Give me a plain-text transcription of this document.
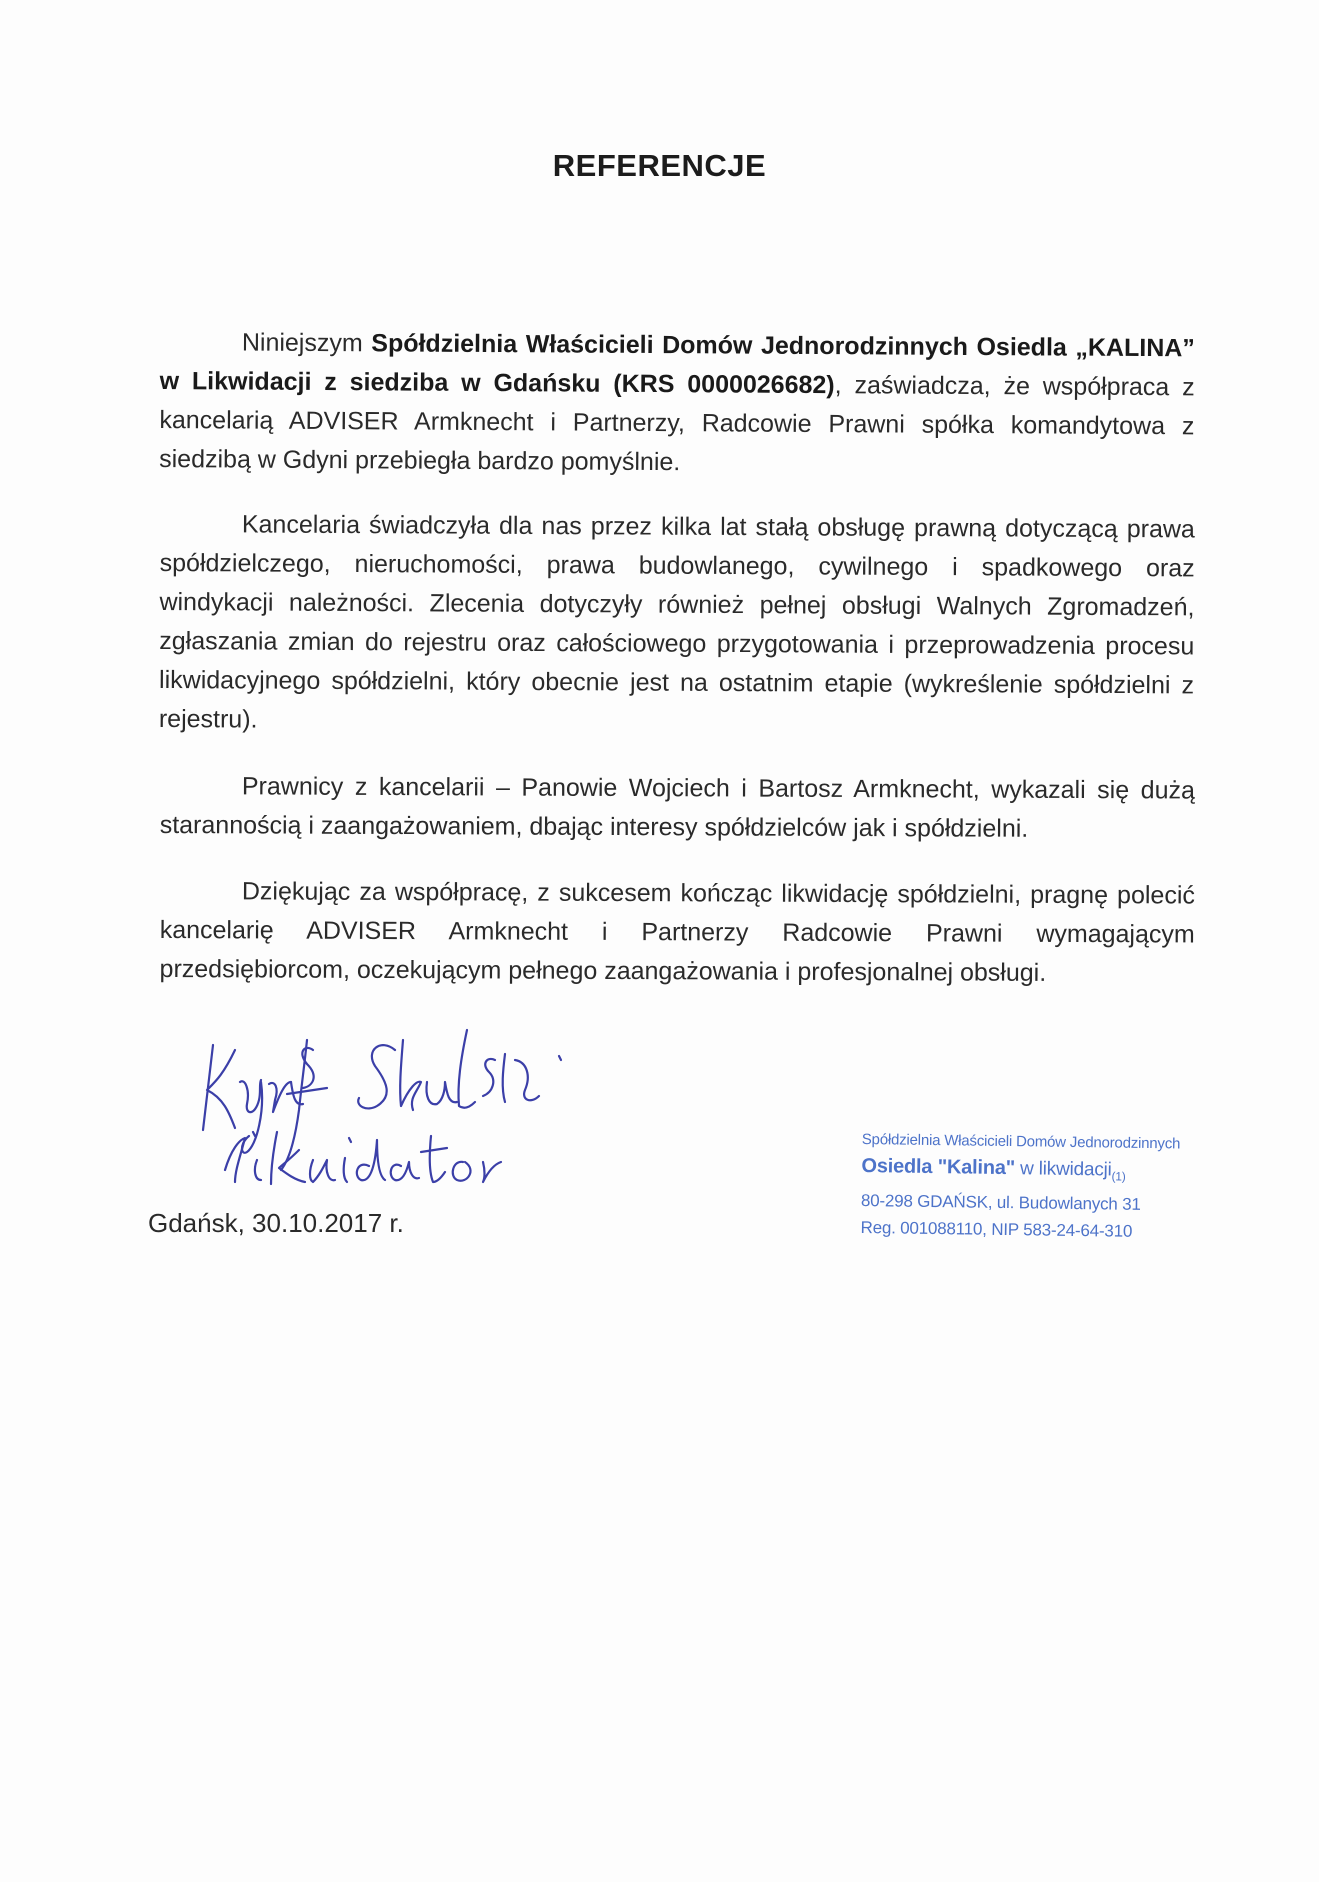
REFERENCJE
Niniejszym Spółdzielnia Właścicieli Domów Jednorodzinnych Osiedla „KALINA” w Likwidacji z siedziba w Gdańsku (KRS 0000026682), zaświadcza, że współpraca z kancelarią ADVISER Armknecht i Partnerzy, Radcowie Prawni spółka komandytowa z siedzibą w Gdyni przebiegła bardzo pomyślnie.
Kancelaria świadczyła dla nas przez kilka lat stałą obsługę prawną dotyczącą prawa spółdzielczego, nieruchomości, prawa budowlanego, cywilnego i spadkowego oraz windykacji należności. Zlecenia dotyczyły również pełnej obsługi Walnych Zgromadzeń, zgłaszania zmian do rejestru oraz całościowego przygotowania i przeprowadzenia procesu likwidacyjnego spółdzielni, który obecnie jest na ostatnim etapie (wykreślenie spółdzielni z rejestru).
Prawnicy z kancelarii – Panowie Wojciech i Bartosz Armknecht, wykazali się dużą starannością i zaangażowaniem, dbając interesy spółdzielców jak i spółdzielni.
Dziękując za współpracę, z sukcesem kończąc likwidację spółdzielni, pragnę polecić kancelarię ADVISER Armknecht i Partnerzy Radcowie Prawni wymagającym przedsiębiorcom, oczekującym pełnego zaangażowania i profesjonalnej obsługi.
Gdańsk, 30.10.2017 r.
Spółdzielnia Właścicieli Domów Jednorodzinnych
Osiedla "Kalina" w likwidacji$_{(1)}$
80-298 GDAŃSK, ul. Budowlanych 31
Reg. 001088110, NIP 583-24-64-310
